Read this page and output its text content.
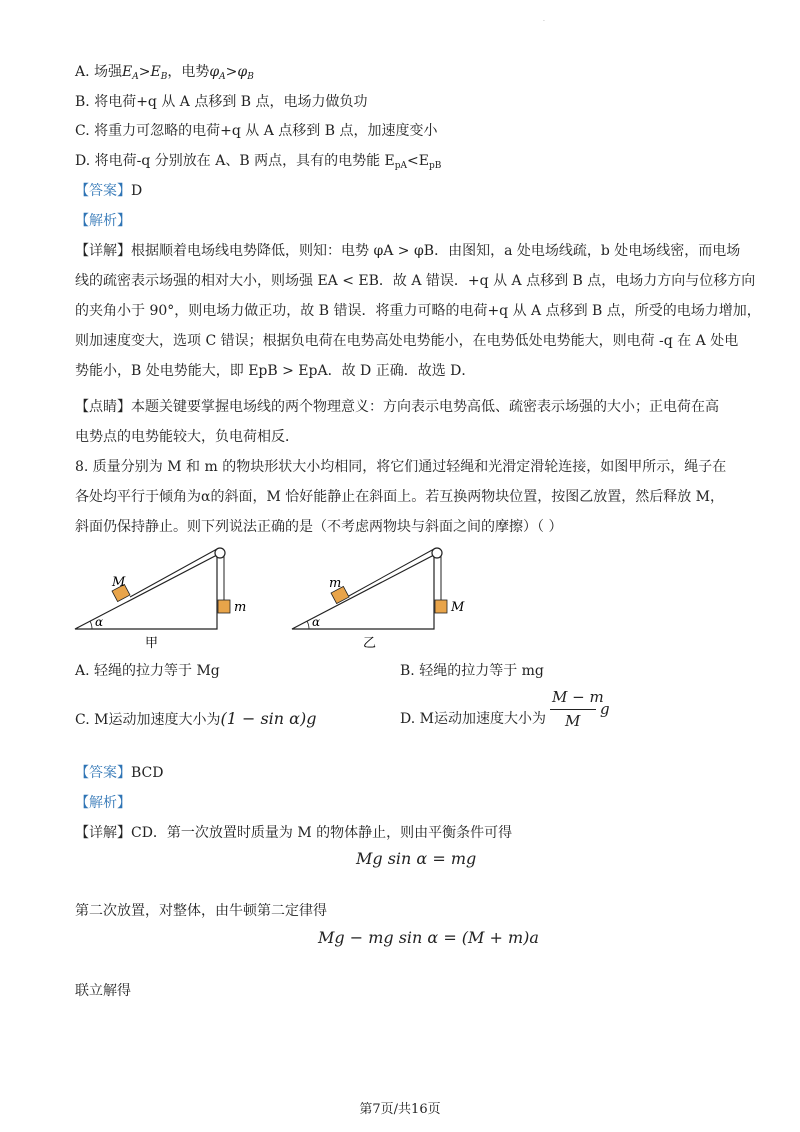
.
A. 场强$E_A>E_B$，电势$\varphi_A>\varphi_B$
B. 将电荷+q 从 A 点移到 B 点，电场力做负功
C. 将重力可忽略的电荷+q 从 A 点移到 B 点，加速度变小
D. 将电荷-q 分别放在 A、B 两点，具有的电势能 $E_{pA}<E_{pB}$
【答案】D
【解析】
【详解】根据顺着电场线电势降低，则知：电势 φA > φB．由图知，a 处电场线疏，b 处电场线密，而电场
线的疏密表示场强的相对大小，则场强 EA < EB．故 A 错误．+q 从 A 点移到 B 点，电场力方向与位移方向
的夹角小于 90°，则电场力做正功，故 B 错误．将重力可略的电荷+q 从 A 点移到 B 点，所受的电场力增加，
则加速度变大，选项 C 错误；根据负电荷在电势高处电势能小，在电势低处电势能大，则电荷 -q 在 A 处电
势能小，B 处电势能大，即 EpB > EpA．故 D 正确．故选 D．
【点睛】本题关键要掌握电场线的两个物理意义：方向表示电势高低、疏密表示场强的大小；正电荷在高
电势点的电势能较大，负电荷相反．
8. 质量分别为 M 和 m 的物块形状大小均相同，将它们通过轻绳和光滑定滑轮连接，如图甲所示，绳子在
各处均平行于倾角为α的斜面，M 恰好能静止在斜面上。若互换两物块位置，按图乙放置，然后释放 M，
斜面仍保持静止。则下列说法正确的是（不考虑两物块与斜面之间的摩擦）（ ）
M
m
α
甲
m
M
α
乙
A. 轻绳的拉力等于 Mg	B. 轻绳的拉力等于 mg
C. M运动加速度大小为(1 − sin α)g	D. M运动加速度大小为
M − m
M
g
【答案】BCD
【解析】
【详解】CD．第一次放置时质量为 M 的物体静止，则由平衡条件可得
Mg sin α = mg
第二次放置，对整体，由牛顿第二定律得
Mg − mg sin α = (M + m)a
联立解得
第7页/共16页
